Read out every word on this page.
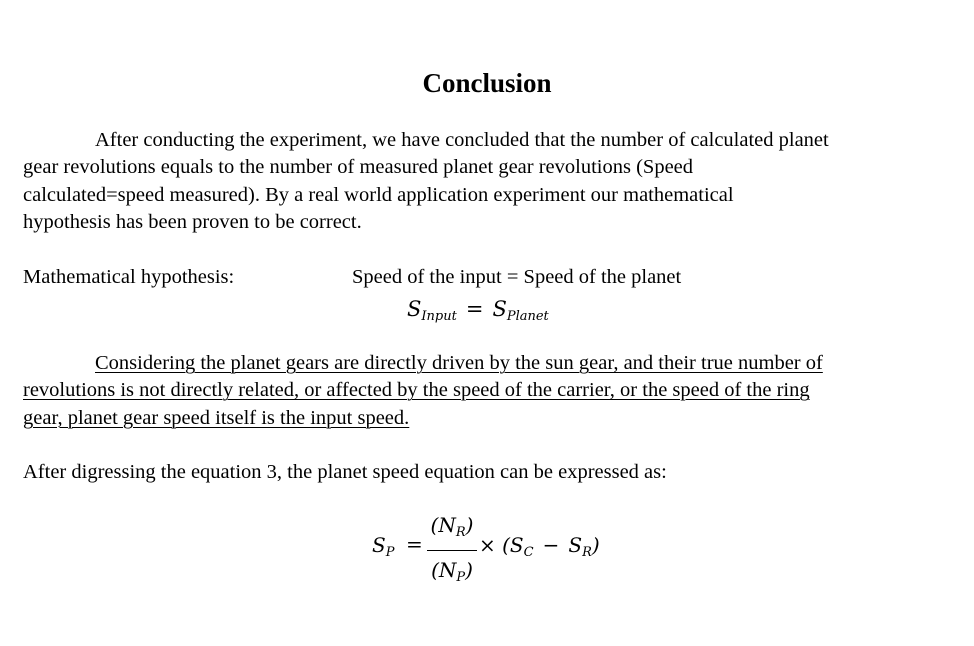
Conclusion
After conducting the experiment, we have concluded that the number of calculated planet
gear revolutions equals to the number of measured planet gear revolutions (Speed
calculated=speed measured). By a real world application experiment our mathematical
hypothesis has been proven to be correct.
Mathematical hypothesis:	Speed of the input = Speed of the planet
$S_{Input} = S_{Planet}$
Considering the planet gears are directly driven by the sun gear, and their true number of
revolutions is not directly related, or affected by the speed of the carrier, or the speed of the ring
gear, planet gear speed itself is the input speed.
After digressing the equation 3, the planet speed equation can be expressed as:
$S_P$ =
$(N_R)$
$(N_P)$
× $(S_C - S_R)$
